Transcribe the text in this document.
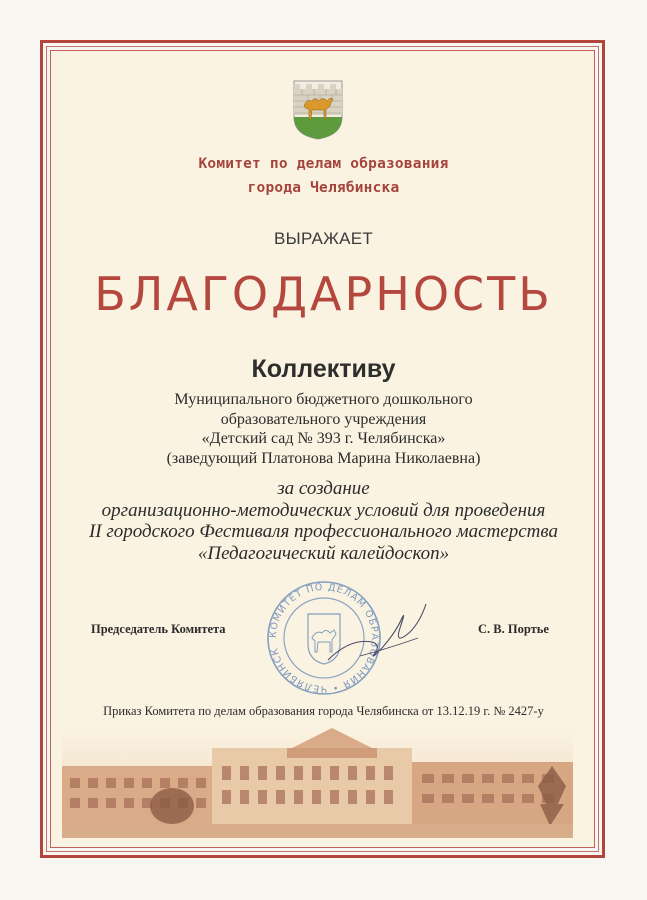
Комитет по делам образования
города Челябинска
ВЫРАЖАЕТ
БЛАГОДАРНОСТЬ
Коллективу
Муниципального бюджетного дошкольного
образовательного учреждения
«Детский сад № 393 г. Челябинска»
(заведующий Платонова Марина Николаевна)
за создание
организационно-методических условий для проведения
II городского Фестиваля профессионального мастерства
«Педагогический калейдоскоп»
КОМИТЕТ ПО ДЕЛАМ ОБРАЗОВАНИЯ • ЧЕЛЯБИНСК
Председатель Комитета	С. В. Портье
Приказ Комитета по делам образования города Челябинска от 13.12.19 г. № 2427-у
